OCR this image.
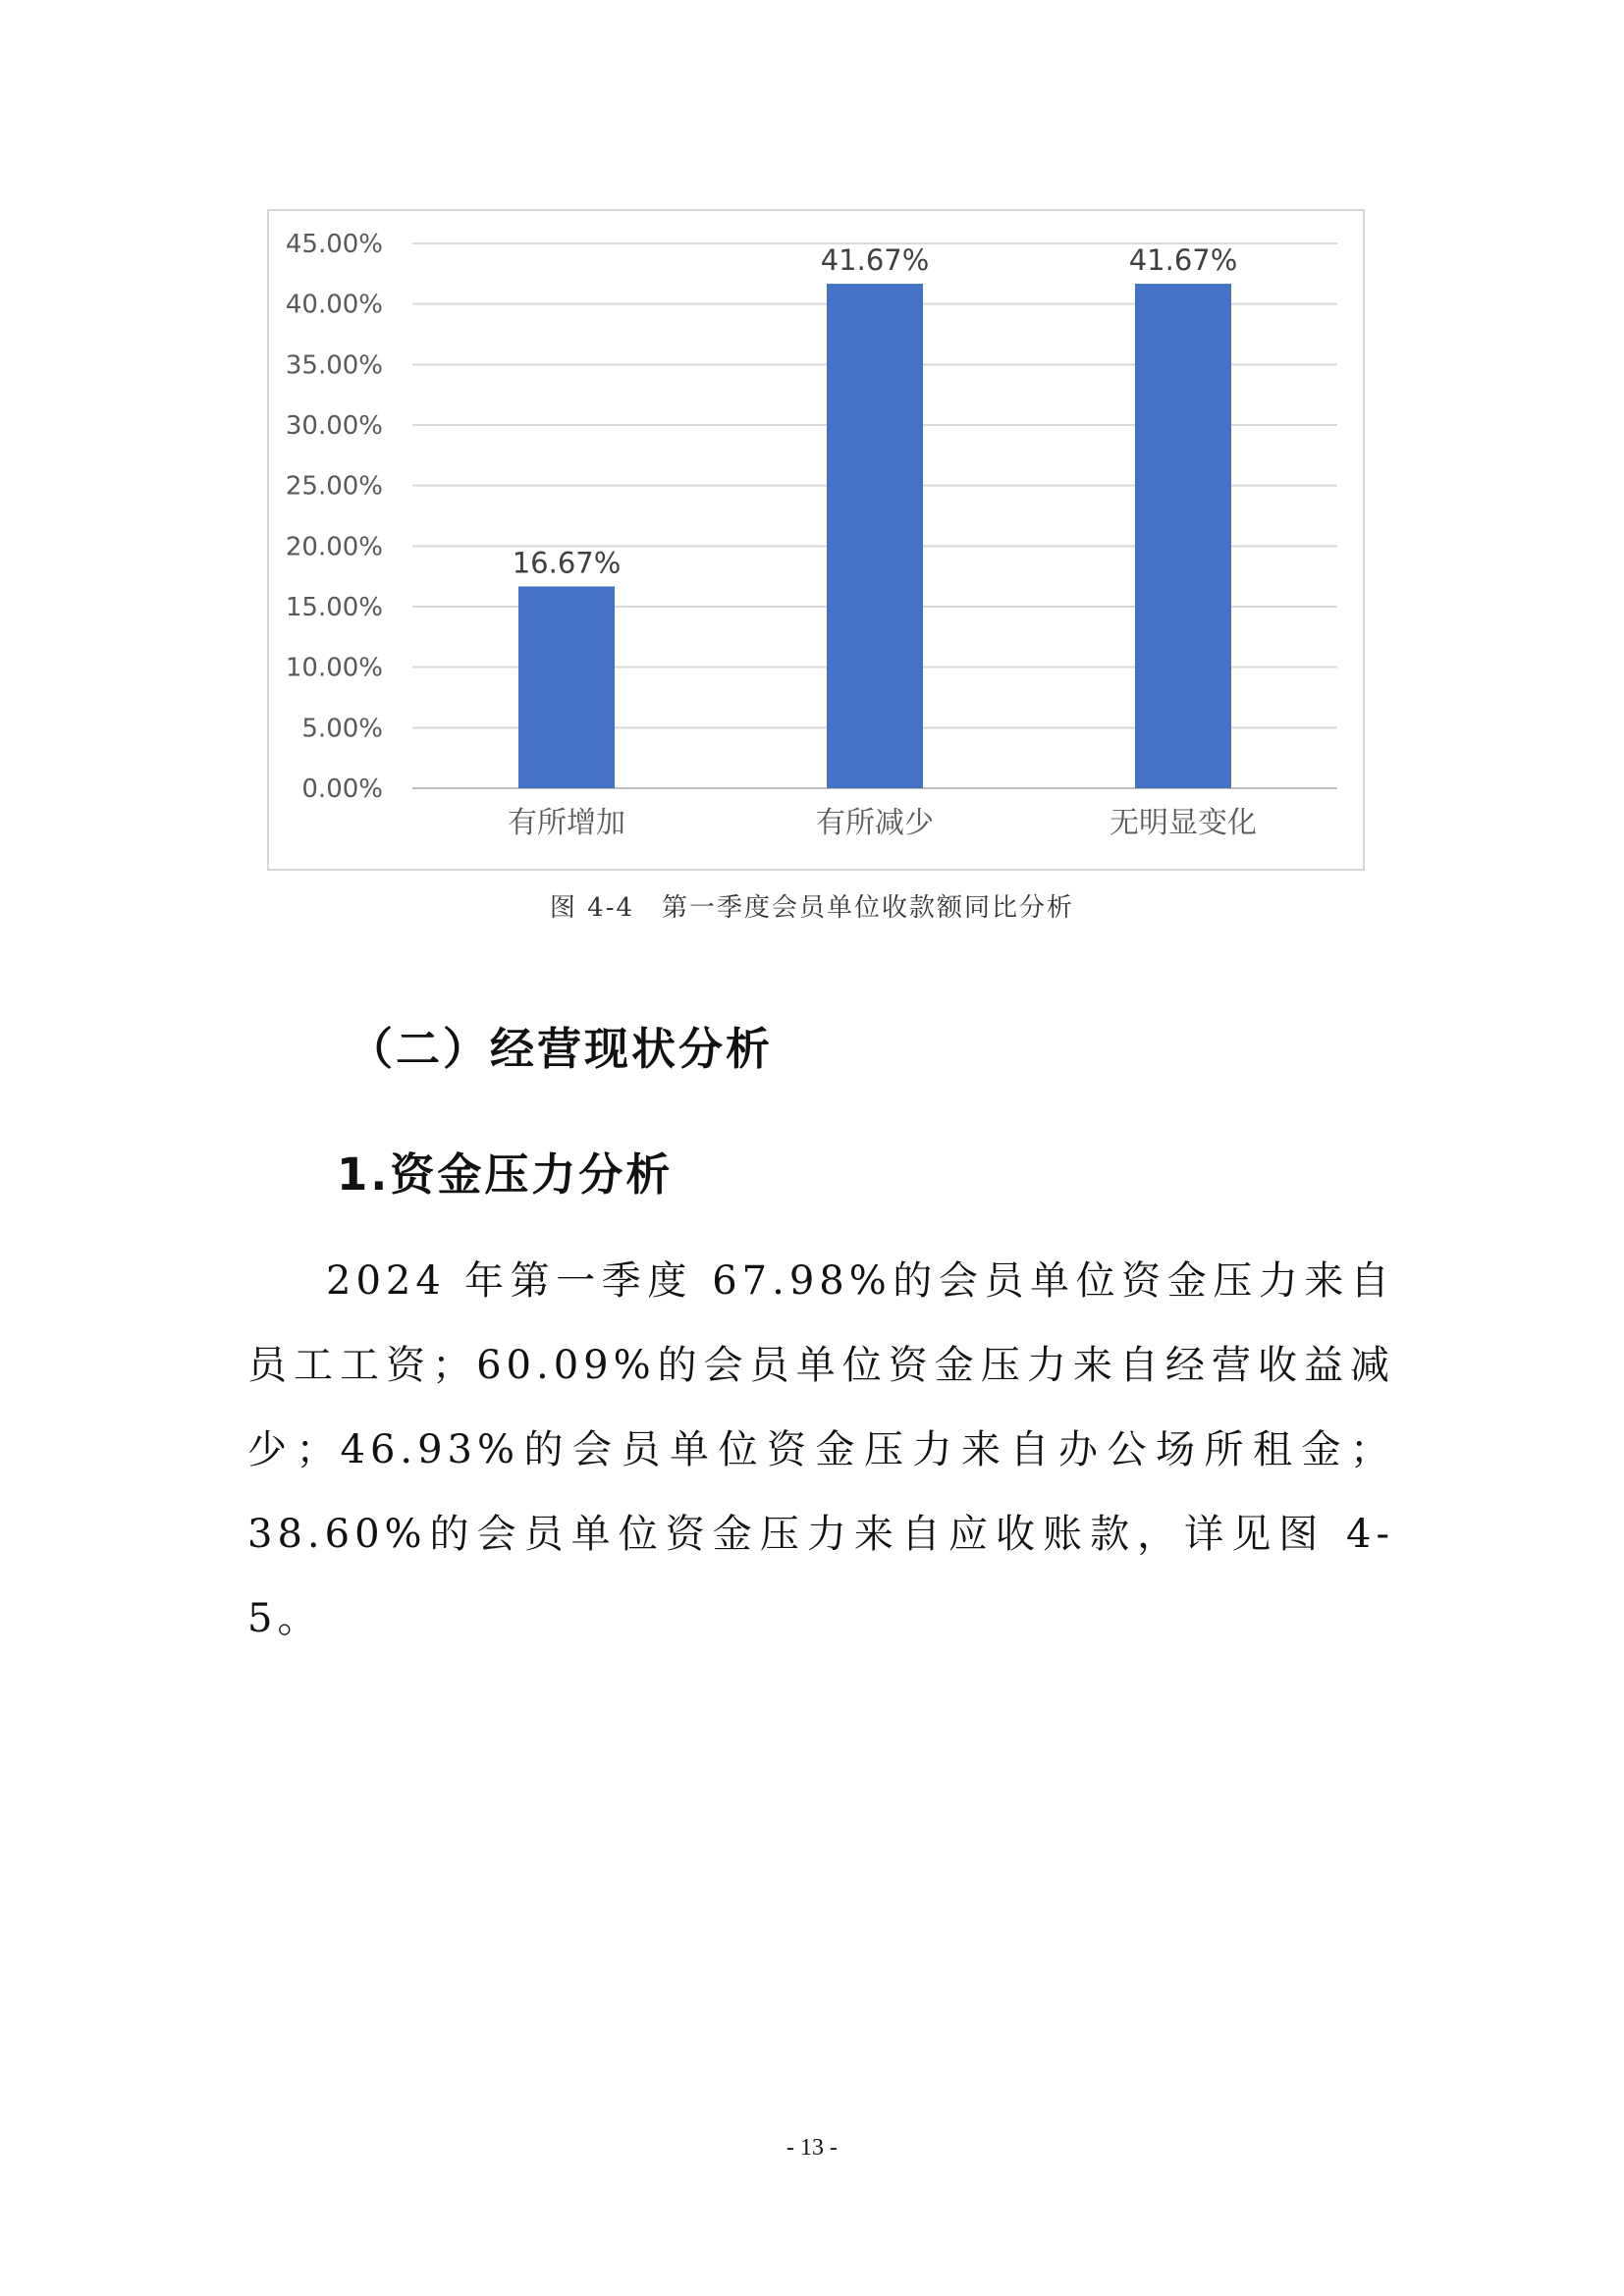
0.00%
5.00%
10.00%
15.00%
20.00%
25.00%
30.00%
35.00%
40.00%
45.00%
16.67%
有所增加
41.67%
有所减少
41.67%
无明显变化
图 4-4　第一季度会员单位收款额同比分析
（二）经营现状分析
1.资金压力分析

2024 年第一季度 67.98%的会员单位资金压力来自员工工资；60.09%的会员单位资金压力来自经营收益减少；46.93%的会员单位资金压力来自办公场所租金；38.60%的会员单位资金压力来自应收账款，详见图 4-5。

- 13 -
